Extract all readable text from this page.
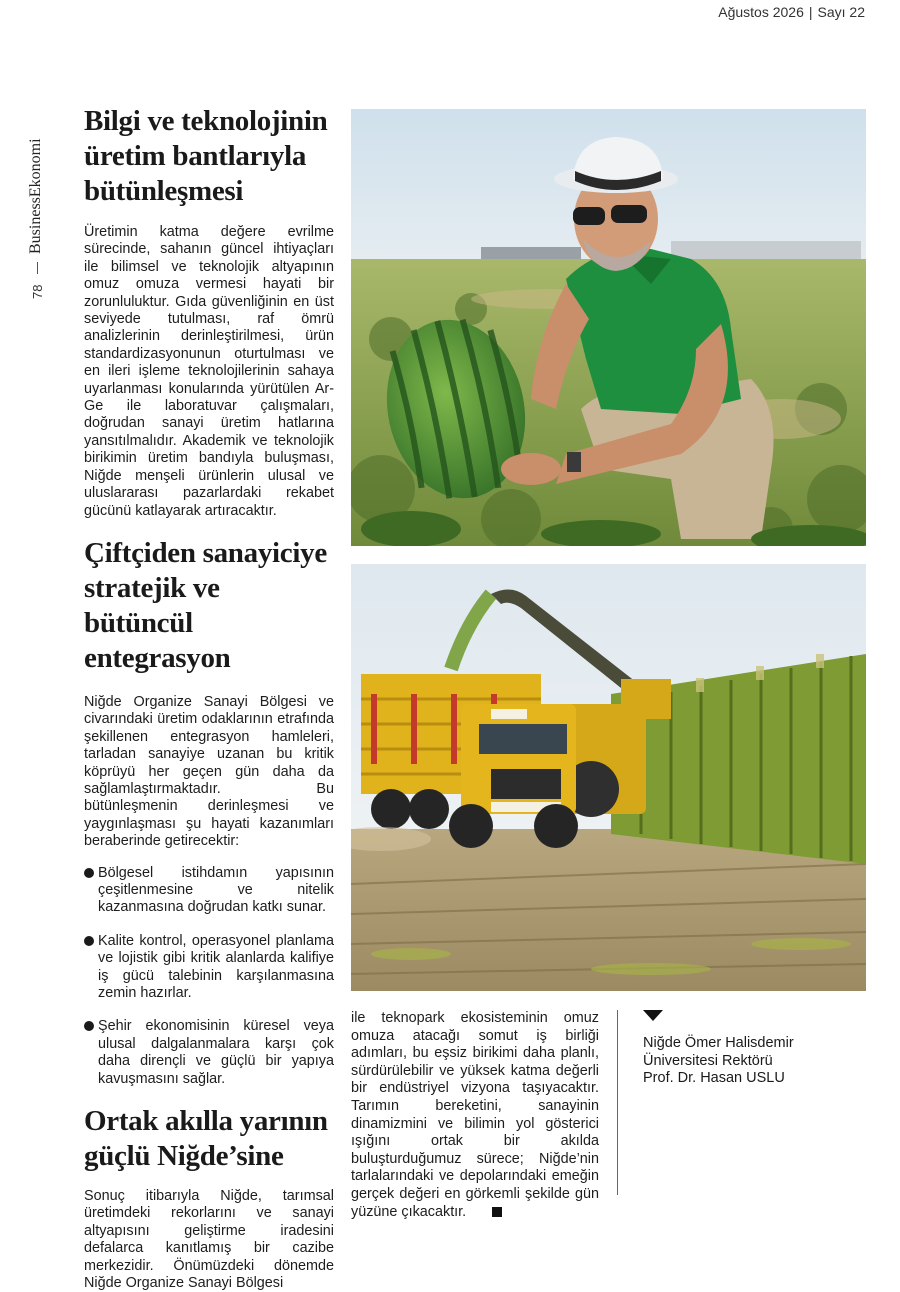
Ağustos 2026 | Sayı 22
BusinessEkonomi
78
Bilgi ve teknolojinin üretim bantlarıyla bütünleşmesi

Üretimin katma değere evrilme sürecinde, sahanın güncel ihtiyaçları ile bilimsel ve teknolojik altyapının omuz omuza vermesi hayati bir zorunluluktur. Gıda güvenliğinin en üst seviyede tutulması, raf ömrü analizlerinin derinleştirilmesi, ürün standardizasyonunun oturtulması ve en ileri işleme teknolojilerinin sahaya uyarlanması konularında yürütülen Ar-Ge ile laboratuvar çalışmaları, doğrudan sanayi üretim hatlarına yansıtılmalıdır. Akademik ve teknolojik birikimin üretim bandıyla buluşması, Niğde menşeli ürünlerin ulusal ve uluslararası pazarlardaki rekabet gücünü katlayarak artıracaktır.

Çiftçiden sanayiciye stratejik ve bütüncül entegrasyon

Niğde Organize Sanayi Bölgesi ve civarındaki üretim odaklarının etrafında şekillenen entegrasyon hamleleri, tarladan sanayiye uzanan bu kritik köprüyü her geçen gün daha da sağlamlaştırmaktadır. Bu bütünleşmenin derinleşmesi ve yaygınlaşması şu hayati kazanımları beraberinde getirecektir:

Bölgesel istihdamın yapısının çeşitlenmesine ve nitelik kazanmasına doğrudan katkı sunar.

Kalite kontrol, operasyonel planlama ve lojistik gibi kritik alanlarda kalifiye iş gücü talebinin karşılanmasına zemin hazırlar.

Şehir ekonomisinin küresel veya ulusal dalgalanmalara karşı çok daha dirençli ve güçlü bir yapıya kavuşmasını sağlar.

Ortak akılla yarının güçlü Niğde’sine

Sonuç itibarıyla Niğde, tarımsal üretimdeki rekorlarını ve sanayi altyapısını geliştirme iradesini defalarca kanıtlamış bir cazibe merkezidir. Önümüzdeki dönemde Niğde Organize Sanayi Bölgesi

ile teknopark ekosisteminin omuz omuza atacağı somut iş birliği adımları, bu eşsiz birikimi daha planlı, sürdürülebilir ve yüksek katma değerli bir endüstriyel vizyona taşıyacaktır. Tarımın bereketini, sanayinin dinamizmini ve bilimin yol gösterici ışığını ortak bir akılda buluşturduğumuz sürece; Niğde’nin tarlalarındaki ve depolarındaki emeğin gerçek değeri en görkemli şekilde gün yüzüne çıkacaktır.

Niğde Ömer Halisdemir
Üniversitesi Rektörü
Prof. Dr. Hasan USLU
